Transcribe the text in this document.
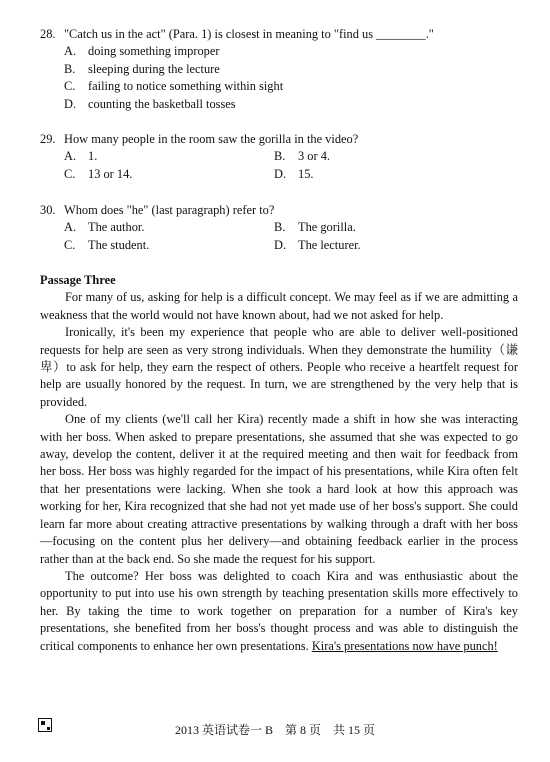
28. "Catch us in the act" (Para. 1) is closest in meaning to "find us ________."
A. doing something improper
B.	sleeping during the lecture
C.	failing to notice something within sight
D. counting the basketball tosses
29. How many people in the room saw the gorilla in the video?
A. 1.	B.	3 or 4.
C.	13 or 14.	D. 15.
30. Whom does "he" (last paragraph) refer to?
A. The author.	B.	The gorilla.
C.	The student.	D. The lecturer.
Passage Three

For many of us, asking for help is a difficult concept. We may feel as if we are admitting a weakness that the world would not have known about, had we not asked for help.

Ironically, it's been my experience that people who are able to deliver well-positioned requests for help are seen as very strong individuals. When they demonstrate the humility（谦卑）to ask for help, they earn the respect of others. People who receive a heartfelt request for help are usually honored by the request. In turn, we are strengthened by the very help that is provided.

One of my clients (we'll call her Kira) recently made a shift in how she was interacting with her boss. When asked to prepare presentations, she assumed that she was expected to go away, develop the content, deliver it at the required meeting and then wait for feedback from her boss. Her boss was highly regarded for the impact of his presentations, while Kira often felt that her presentations were lacking. When she took a hard look at how this approach was working for her, Kira recognized that she had not yet made use of her boss's support. She could learn far more about creating attractive presentations by walking through a draft with her boss—focusing on the content plus her delivery—and obtaining feedback earlier in the process rather than at the back end. So she made the request for his support.

The outcome? Her boss was delighted to coach Kira and was enthusiastic about the opportunity to put into use his own strength by teaching presentation skills more effectively to her. By taking the time to work together on preparation for a number of Kira's key presentations, she benefited from her boss's thought process and was able to distinguish the critical components to enhance her own presentations. Kira's presentations now have punch!

2013 英语试卷一 B　第 8 页　共 15 页
